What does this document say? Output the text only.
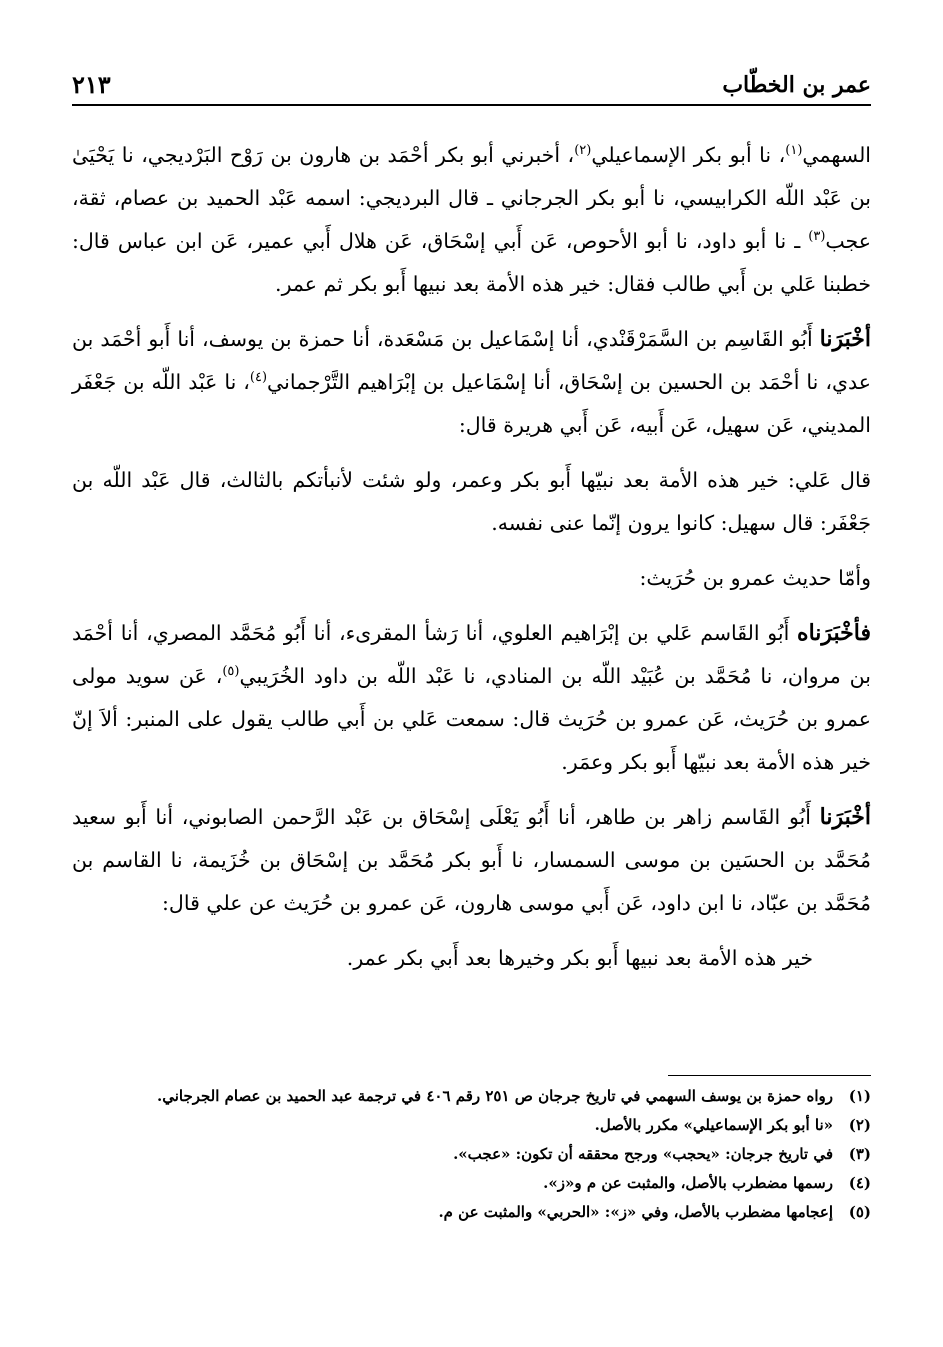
عمر بن الخطّاب
٢١٣

السهمي$^{(١)}$، نا أبو بكر الإسماعيلي$^{(٢)}$، أخبرني أبو بكر أحْمَد بن هارون بن رَوْح البَرْديجي، نا يَحْيَىٰ بن عَبْد اللّه الكرابيسي، نا أبو بكر الجرجاني ـ قال البرديجي: اسمه عَبْد الحميد بن عصام، ثقة، عجب$^{(٣)}$ ـ نا أبو داود، نا أبو الأحوص، عَن أَبي إسْحَاق، عَن هلال أَبي عمير، عَن ابن عباس قال: خطبنا عَلي بن أَبي طالب فقال: خير هذه الأمة بعد نبيها أَبو بكر ثم عمر.

أخْبَرَنا أَبُو القَاسِم بن السَّمَرْقَنْدي، أنا إسْمَاعيل بن مَسْعَدة، أنا حمزة بن يوسف، أنا أَبو أحْمَد بن عدي، نا أحْمَد بن الحسين بن إسْحَاق، أنا إسْمَاعيل بن إبْرَاهيم التَّرْجماني$^{(٤)}$، نا عَبْد اللّه بن جَعْفَر المديني، عَن سهيل، عَن أَبيه، عَن أَبي هريرة قال:

قال عَلي: خير هذه الأمة بعد نبيّها أَبو بكر وعمر، ولو شئت لأنبأتكم بالثالث، قال عَبْد اللّه بن جَعْفَر: قال سهيل: كانوا يرون إنّما عنى نفسه.

وأمّا حديث عمرو بن حُرَيث:

فأخْبَرَناه أَبُو القَاسم عَلي بن إبْرَاهيم العلوي، أنا رَشأ المقرىء، أنا أَبُو مُحَمَّد المصري، أنا أحْمَد بن مروان، نا مُحَمَّد بن عُبَيْد اللّه بن المنادي، نا عَبْد اللّه بن داود الخُرَيبي$^{(٥)}$، عَن سويد مولى عمرو بن حُرَيث، عَن عمرو بن حُرَيث قال: سمعت عَلي بن أَبي طالب يقول على المنبر: ألاَ إنّ خير هذه الأمة بعد نبيّها أَبو بكر وعمَر.

أخْبَرَنا أَبُو القَاسم زاهر بن طاهر، أنا أَبُو يَعْلَى إسْحَاق بن عَبْد الرَّحمن الصابوني، أنا أَبو سعيد مُحَمَّد بن الحسَين بن موسى السمسار، نا أَبو بكر مُحَمَّد بن إسْحَاق بن خُزَيمة، نا القاسم بن مُحَمَّد بن عبّاد، نا ابن داود، عَن أَبي موسى هارون، عَن عمرو بن حُرَيث عن علي قال:

خير هذه الأمة بعد نبيها أَبو بكر وخيرها بعد أَبي بكر عمر.

(١)
رواه حمزة بن يوسف السهمي في تاريخ جرجان ص ٢٥١ رقم ٤٠٦ في ترجمة عبد الحميد بن عصام الجرجاني.
(٢)
«نا أبو بكر الإسماعيلي» مكرر بالأصل.
(٣)
في تاريخ جرجان: «يحجب» ورجح محققه أن تكون: «عجب».
(٤)
رسمها مضطرب بالأصل، والمثبت عن م و«ز».
(٥)
إعجامها مضطرب بالأصل، وفي «ز»: «الحربي» والمثبت عن م.
